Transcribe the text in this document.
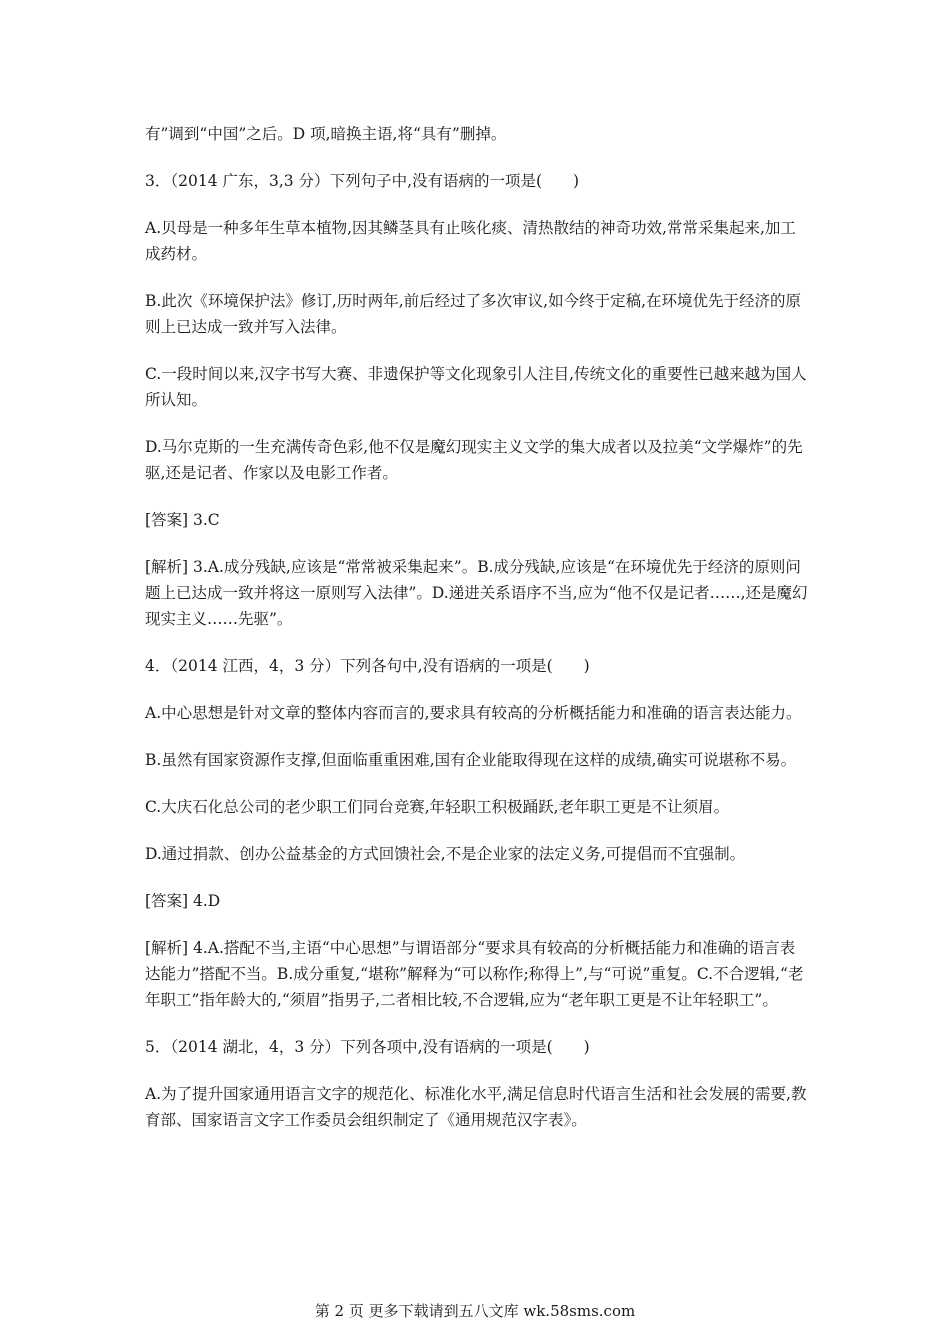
有”调到“中国”之后。D 项,暗换主语,将“具有”删掉。

3．（2014 广东，3,3 分）下列句子中,没有语病的一项是(　　)

A.贝母是一种多年生草本植物,因其鳞茎具有止咳化痰、清热散结的神奇功效,常常采集起来,加工成药材。

B.此次《环境保护法》修订,历时两年,前后经过了多次审议,如今终于定稿,在环境优先于经济的原则上已达成一致并写入法律。

C.一段时间以来,汉字书写大赛、非遗保护等文化现象引人注目,传统文化的重要性已越来越为国人所认知。

D.马尔克斯的一生充满传奇色彩,他不仅是魔幻现实主义文学的集大成者以及拉美“文学爆炸”的先驱,还是记者、作家以及电影工作者。

[答案] 3.C

[解析] 3.A.成分残缺,应该是“常常被采集起来”。B.成分残缺,应该是“在环境优先于经济的原则问题上已达成一致并将这一原则写入法律”。D.递进关系语序不当,应为“他不仅是记者……,还是魔幻现实主义……先驱”。

4．（2014 江西，4，3 分）下列各句中,没有语病的一项是(　　)

A.中心思想是针对文章的整体内容而言的,要求具有较高的分析概括能力和准确的语言表达能力。

B.虽然有国家资源作支撑,但面临重重困难,国有企业能取得现在这样的成绩,确实可说堪称不易。

C.大庆石化总公司的老少职工们同台竞赛,年轻职工积极踊跃,老年职工更是不让须眉。

D.通过捐款、创办公益基金的方式回馈社会,不是企业家的法定义务,可提倡而不宜强制。

[答案] 4.D

[解析] 4.A.搭配不当,主语“中心思想”与谓语部分“要求具有较高的分析概括能力和准确的语言表达能力”搭配不当。B.成分重复,“堪称”解释为“可以称作;称得上”,与“可说”重复。C.不合逻辑,“老年职工”指年龄大的,“须眉”指男子,二者相比较,不合逻辑,应为“老年职工更是不让年轻职工”。

5．（2014 湖北，4，3 分）下列各项中,没有语病的一项是(　　)

A.为了提升国家通用语言文字的规范化、标准化水平,满足信息时代语言生活和社会发展的需要,教育部、国家语言文字工作委员会组织制定了《通用规范汉字表》。

第 2 页 更多下载请到五八文库 wk.58sms.com
